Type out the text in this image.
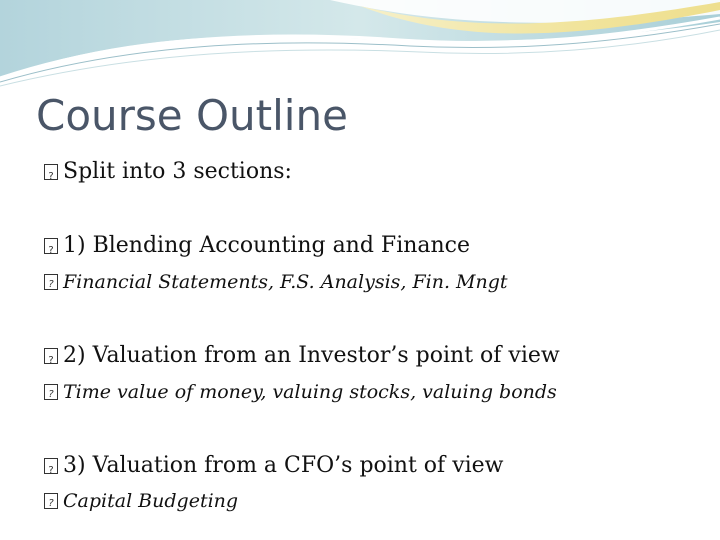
Course Outline
?
Split into 3 sections:
?
1) Blending Accounting and Finance
?
Financial Statements, F.S. Analysis, Fin. Mngt
?
2) Valuation from an Investor’s point of view
?
Time value of money, valuing stocks, valuing bonds
?
3) Valuation from a CFO’s point of view
?
Capital Budgeting
